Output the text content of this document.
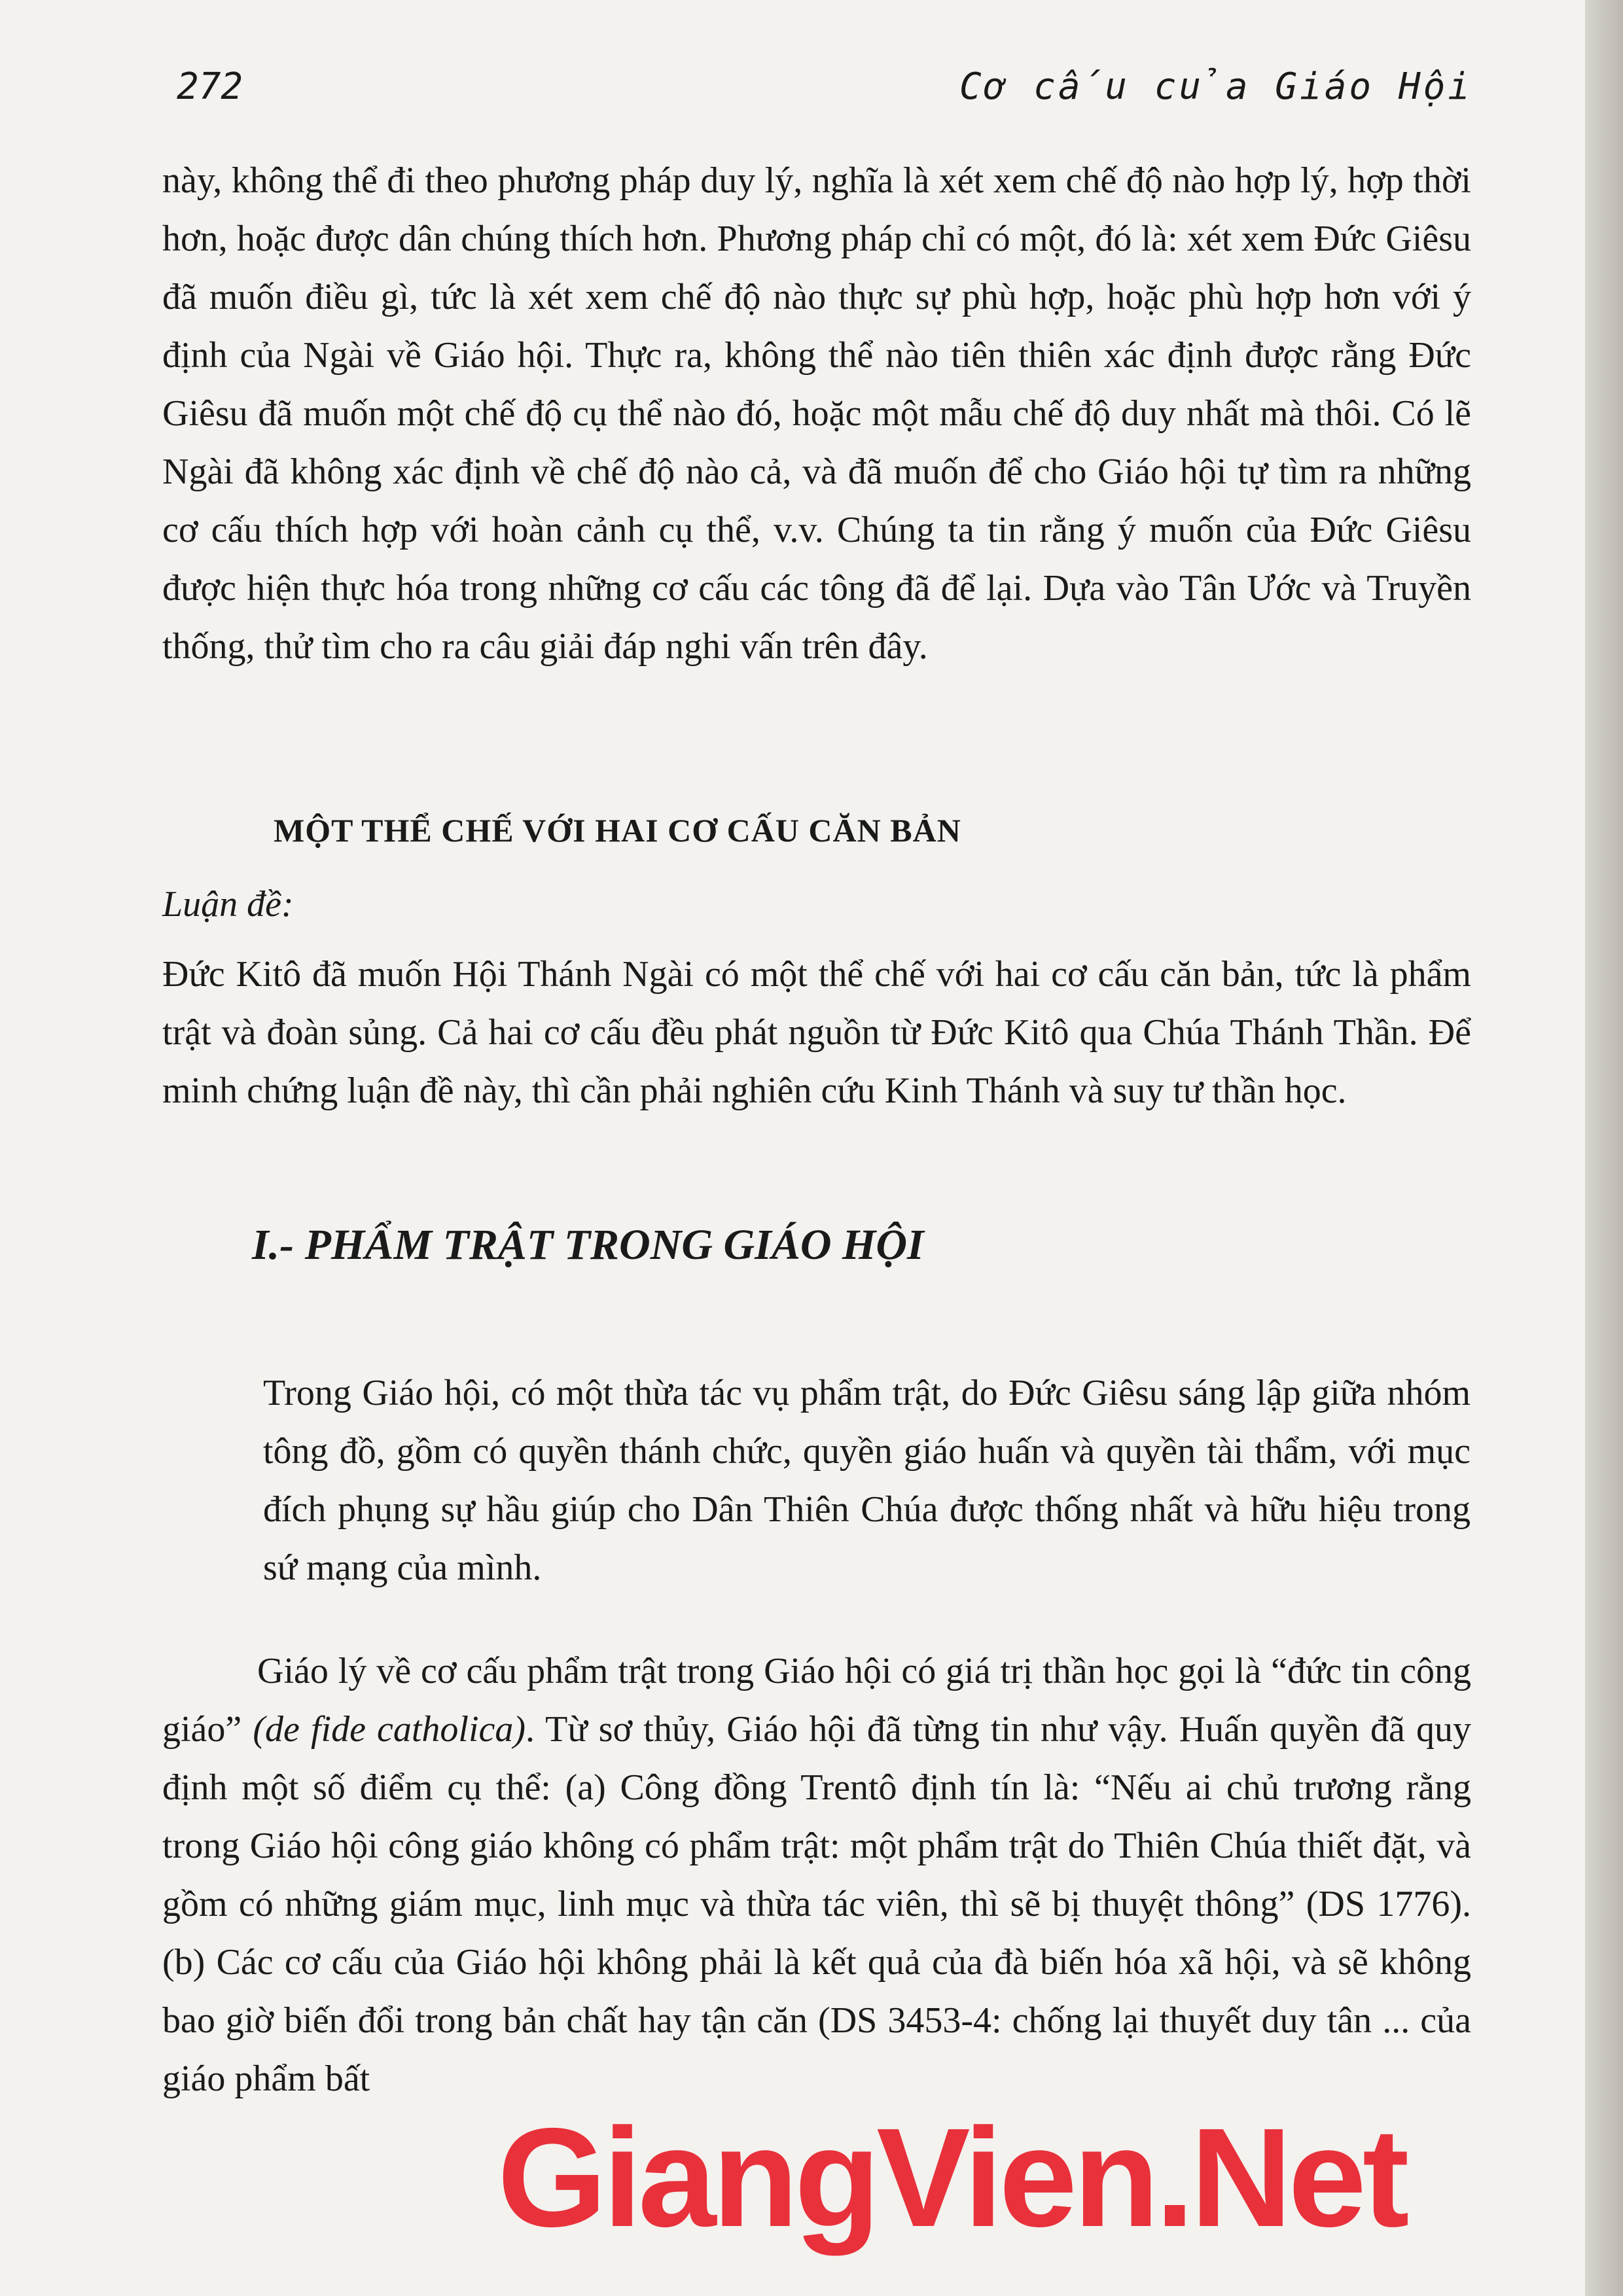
272	Cơ cấu của Giáo Hội
này, không thể đi theo phương pháp duy lý, nghĩa là xét xem chế độ nào hợp lý, hợp thời hơn, hoặc được dân chúng thích hơn. Phương pháp chỉ có một, đó là: xét xem Đức Giêsu đã muốn điều gì, tức là xét xem chế độ nào thực sự phù hợp, hoặc phù hợp hơn với ý định của Ngài về Giáo hội. Thực ra, không thể nào tiên thiên xác định được rằng Đức Giêsu đã muốn một chế độ cụ thể nào đó, hoặc một mẫu chế độ duy nhất mà thôi. Có lẽ Ngài đã không xác định về chế độ nào cả, và đã muốn để cho Giáo hội tự tìm ra những cơ cấu thích hợp với hoàn cảnh cụ thể, v.v. Chúng ta tin rằng ý muốn của Đức Giêsu được hiện thực hóa trong những cơ cấu các tông đã để lại. Dựa vào Tân Ước và Truyền thống, thử tìm cho ra câu giải đáp nghi vấn trên đây.
MỘT THỂ CHẾ VỚI HAI CƠ CẤU CĂN BẢN
Luận đề:
Đức Kitô đã muốn Hội Thánh Ngài có một thể chế với hai cơ cấu căn bản, tức là phẩm trật và đoàn sủng. Cả hai cơ cấu đều phát nguồn từ Đức Kitô qua Chúa Thánh Thần. Để minh chứng luận đề này, thì cần phải nghiên cứu Kinh Thánh và suy tư thần học.
I.- PHẨM TRẬT TRONG GIÁO HỘI
Trong Giáo hội, có một thừa tác vụ phẩm trật, do Đức Giêsu sáng lập giữa nhóm tông đồ, gồm có quyền thánh chức, quyền giáo huấn và quyền tài thẩm, với mục đích phụng sự hầu giúp cho Dân Thiên Chúa được thống nhất và hữu hiệu trong sứ mạng của mình.
Giáo lý về cơ cấu phẩm trật trong Giáo hội có giá trị thần học gọi là “đức tin công giáo” (de fide catholica). Từ sơ thủy, Giáo hội đã từng tin như vậy. Huấn quyền đã quy định một số điểm cụ thể: (a) Công đồng Trentô định tín là: “Nếu ai chủ trương rằng trong Giáo hội công giáo không có phẩm trật: một phẩm trật do Thiên Chúa thiết đặt, và gồm có những giám mục, linh mục và thừa tác viên, thì sẽ bị thuyệt thông” (DS 1776). (b) Các cơ cấu của Giáo hội không phải là kết quả của đà biến hóa xã hội, và sẽ không bao giờ biến đổi trong bản chất hay tận căn (DS 3453-4: chống lại thuyết duy tân ... của giáo phẩm bất
GiangVien.Net
